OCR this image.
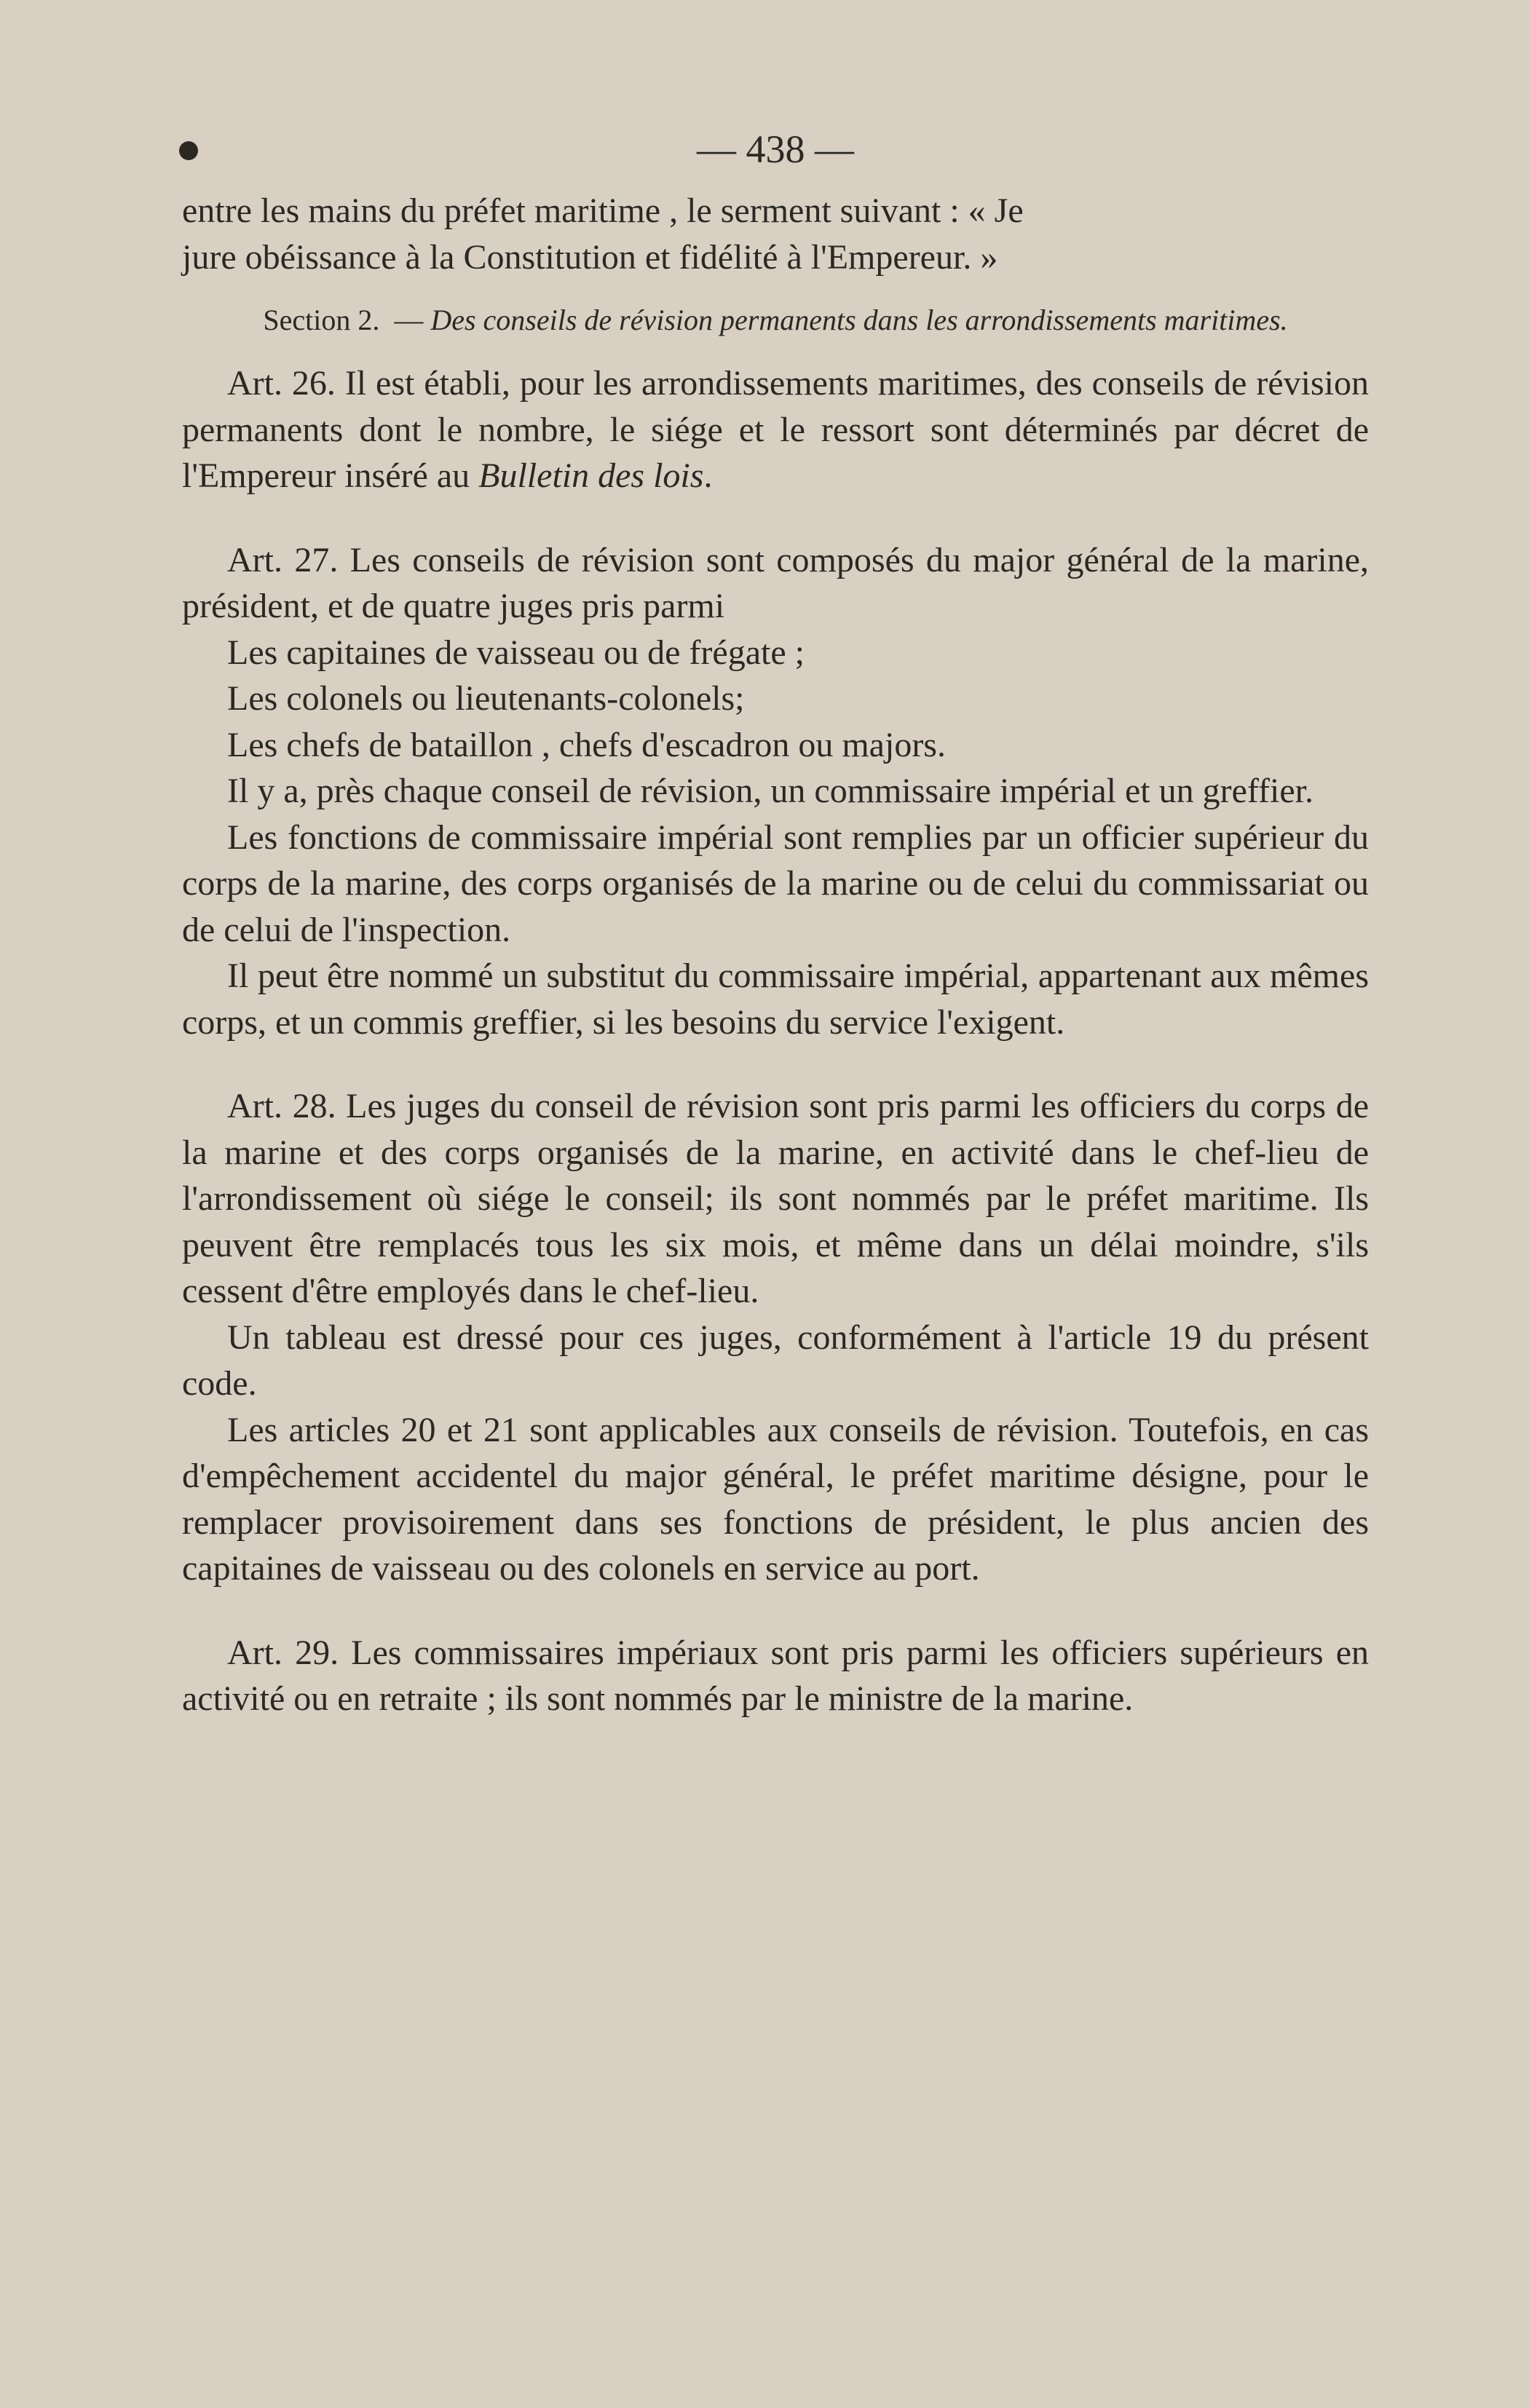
— 438 —

entre les mains du préfet maritime , le serment suivant : « Je

jure obéissance à la Constitution et fidélité à l'Empereur. »

Section 2. — Des conseils de révision permanents dans les arrondissements maritimes.

Art. 26. Il est établi, pour les arrondissements maritimes, des conseils de révision permanents dont le nombre, le siége et le ressort sont déterminés par décret de l'Empereur inséré au Bulletin des lois.

Art. 27. Les conseils de révision sont composés du major général de la marine, président, et de quatre juges pris parmi

Les capitaines de vaisseau ou de frégate ;

Les colonels ou lieutenants-colonels;

Les chefs de bataillon , chefs d'escadron ou majors.

Il y a, près chaque conseil de révision, un commissaire impérial et un greffier.

Les fonctions de commissaire impérial sont remplies par un officier supérieur du corps de la marine, des corps organisés de la marine ou de celui du commissariat ou de celui de l'inspection.

Il peut être nommé un substitut du commissaire impérial, appartenant aux mêmes corps, et un commis greffier, si les besoins du service l'exigent.

Art. 28. Les juges du conseil de révision sont pris parmi les officiers du corps de la marine et des corps organisés de la marine, en activité dans le chef-lieu de l'arrondissement où siége le conseil; ils sont nommés par le préfet maritime. Ils peuvent être remplacés tous les six mois, et même dans un délai moindre, s'ils cessent d'être employés dans le chef-lieu.

Un tableau est dressé pour ces juges, conformément à l'article 19 du présent code.

Les articles 20 et 21 sont applicables aux conseils de révision. Toutefois, en cas d'empêchement accidentel du major général, le préfet maritime désigne, pour le remplacer provisoirement dans ses fonctions de président, le plus ancien des capitaines de vaisseau ou des colonels en service au port.

Art. 29. Les commissaires impériaux sont pris parmi les officiers supérieurs en activité ou en retraite ; ils sont nommés par le ministre de la marine.
